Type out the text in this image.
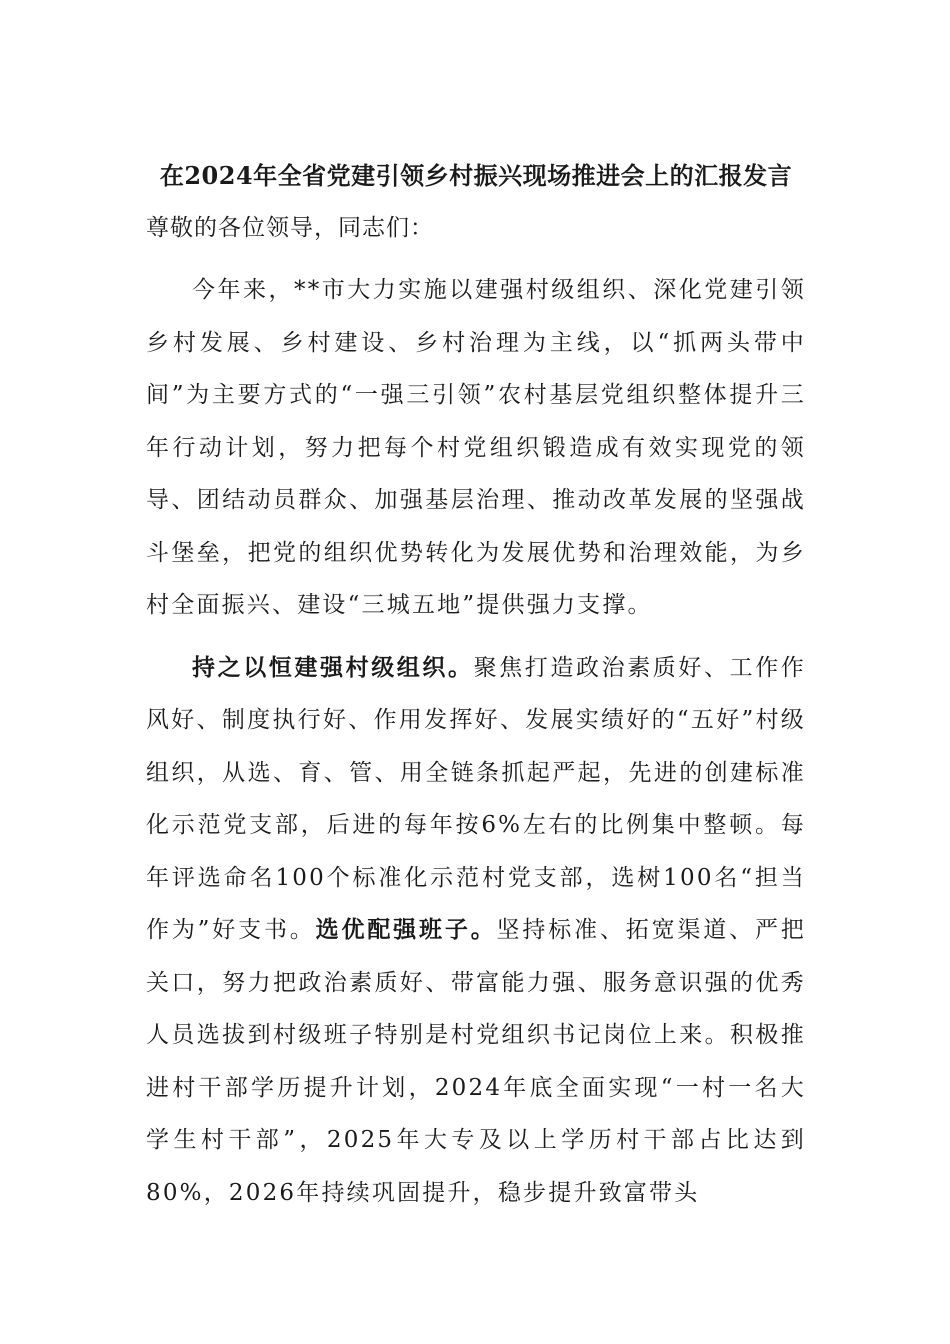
在2024年全省党建引领乡村振兴现场推进会上的汇报发言

尊敬的各位领导，同志们：

今年来，**市大力实施以建强村级组织、深化党建引领乡村发展、乡村建设、乡村治理为主线，以“抓两头带中间”为主要方式的“一强三引领”农村基层党组织整体提升三年行动计划，努力把每个村党组织锻造成有效实现党的领导、团结动员群众、加强基层治理、推动改革发展的坚强战斗堡垒，把党的组织优势转化为发展优势和治理效能，为乡村全面振兴、建设“三城五地”提供强力支撑。

持之以恒建强村级组织。聚焦打造政治素质好、工作作风好、制度执行好、作用发挥好、发展实绩好的“五好”村级组织，从选、育、管、用全链条抓起严起，先进的创建标准化示范党支部，后进的每年按6%左右的比例集中整顿。每年评选命名100个标准化示范村党支部，选树100名“担当作为”好支书。选优配强班子。坚持标准、拓宽渠道、严把关口，努力把政治素质好、带富能力强、服务意识强的优秀人员选拔到村级班子特别是村党组织书记岗位上来。积极推进村干部学历提升计划，2024年底全面实现“一村一名大学生村干部”，2025年大专及以上学历村干部占比达到80%，2026年持续巩固提升，稳步提升致富带头
